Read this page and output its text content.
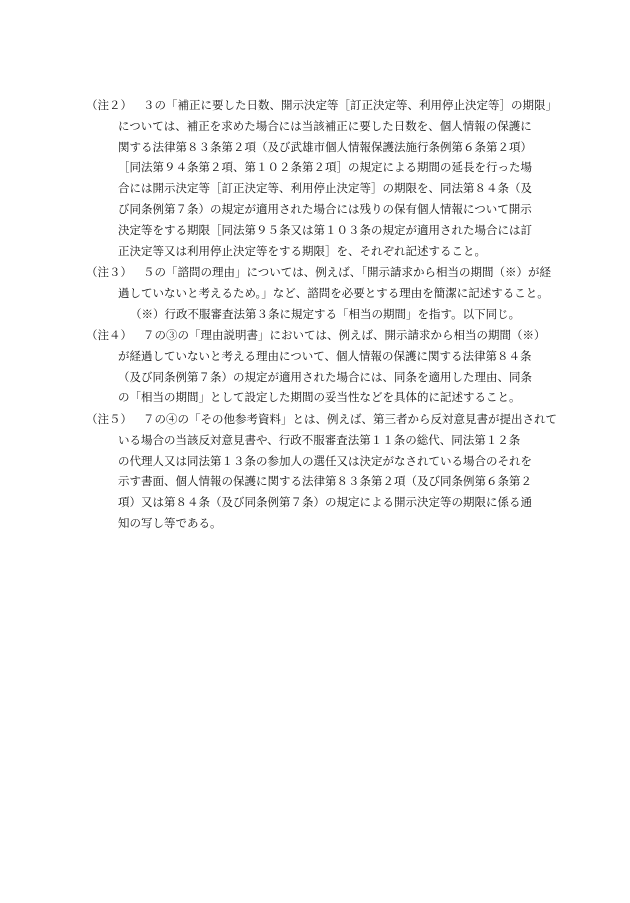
（注２） ３の「補正に要した日数、開示決定等［訂正決定等、利用停止決定等］の期限」
については、補正を求めた場合には当該補正に要した日数を、個人情報の保護に
関する法律第８３条第２項（及び武雄市個人情報保護法施行条例第６条第２項）
［同法第９４条第２項、第１０２条第２項］の規定による期間の延長を行った場
合には開示決定等［訂正決定等、利用停止決定等］の期限を、同法第８４条（及
び同条例第７条）の規定が適用された場合には残りの保有個人情報について開示
決定等をする期限［同法第９５条又は第１０３条の規定が適用された場合には訂
正決定等又は利用停止決定等をする期限］を、それぞれ記述すること。
（注３） ５の「諮問の理由」については、例えば、「開示請求から相当の期間（※）が経
過していないと考えるため。」など、諮問を必要とする理由を簡潔に記述すること。
（※）行政不服審査法第３条に規定する「相当の期間」を指す。以下同じ。
（注４） ７の③の「理由説明書」においては、例えば、開示請求から相当の期間（※）
が経過していないと考える理由について、個人情報の保護に関する法律第８４条
（及び同条例第７条）の規定が適用された場合には、同条を適用した理由、同条
の「相当の期間」として設定した期間の妥当性などを具体的に記述すること。
（注５） ７の④の「その他参考資料」とは、例えば、第三者から反対意見書が提出されて
いる場合の当該反対意見書や、行政不服審査法第１１条の総代、同法第１２条
の代理人又は同法第１３条の参加人の選任又は決定がなされている場合のそれを
示す書面、個人情報の保護に関する法律第８３条第２項（及び同条例第６条第２
項）又は第８４条（及び同条例第７条）の規定による開示決定等の期限に係る通
知の写し等である。
